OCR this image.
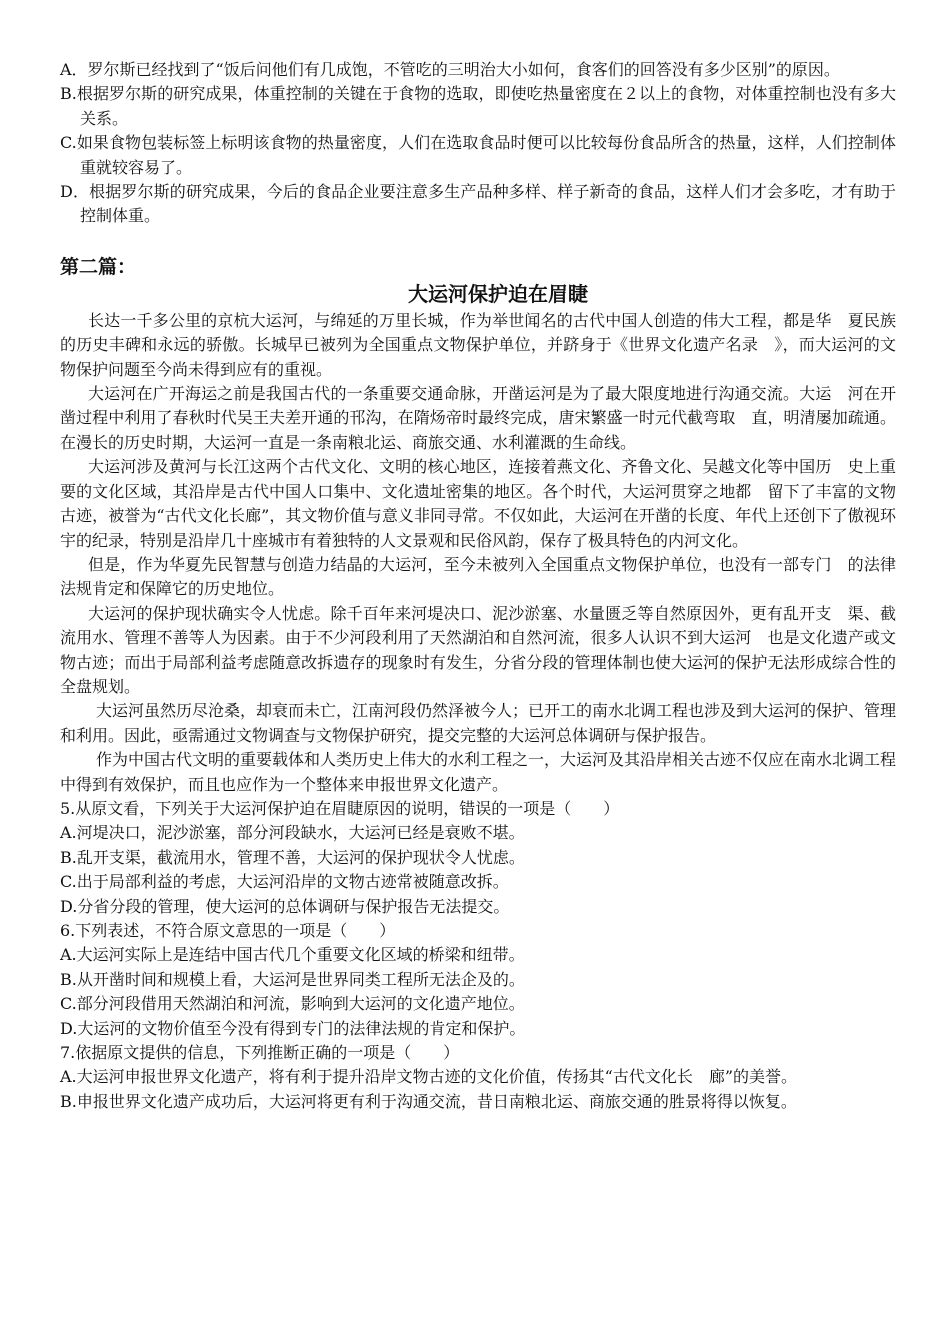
A．罗尔斯已经找到了“饭后问他们有几成饱，不管吃的三明治大小如何，食客们的回答没有多少区别”的原因。

B.根据罗尔斯的研究成果，体重控制的关键在于食物的选取，即使吃热量密度在２以上的食物，对体重控制也没有多大关系。

C.如果食物包装标签上标明该食物的热量密度，人们在选取食品时便可以比较每份食品所含的热量，这样，人们控制体重就较容易了。

D．根据罗尔斯的研究成果，今后的食品企业要注意多生产品种多样、样子新奇的食品，这样人们才会多吃，才有助于控制体重。

第二篇：
大运河保护迫在眉睫

长达一千多公里的京杭大运河，与绵延的万里长城，作为举世闻名的古代中国人创造的伟大工程，都是华　夏民族的历史丰碑和永远的骄傲。长城早已被列为全国重点文物保护单位，并跻身于《世界文化遗产名录　》，而大运河的文物保护问题至今尚未得到应有的重视。

大运河在广开海运之前是我国古代的一条重要交通命脉，开凿运河是为了最大限度地进行沟通交流。大运　河在开凿过程中利用了春秋时代吴王夫差开通的邗沟，在隋炀帝时最终完成，唐宋繁盛一时元代截弯取　直，明清屡加疏通。在漫长的历史时期，大运河一直是一条南粮北运、商旅交通、水利灌溉的生命线。

大运河涉及黄河与长江这两个古代文化、文明的核心地区，连接着燕文化、齐鲁文化、吴越文化等中国历　史上重要的文化区域，其沿岸是古代中国人口集中、文化遗址密集的地区。各个时代，大运河贯穿之地都　留下了丰富的文物古迹，被誉为“古代文化长廊”，其文物价值与意义非同寻常。不仅如此，大运河在开凿的长度、年代上还创下了傲视环宇的纪录，特别是沿岸几十座城市有着独特的人文景观和民俗风韵，保存了极具特色的内河文化。

但是，作为华夏先民智慧与创造力结晶的大运河，至今未被列入全国重点文物保护单位，也没有一部专门　的法律法规肯定和保障它的历史地位。

大运河的保护现状确实令人忧虑。除千百年来河堤决口、泥沙淤塞、水量匮乏等自然原因外，更有乱开支　渠、截流用水、管理不善等人为因素。由于不少河段利用了天然湖泊和自然河流，很多人认识不到大运河　也是文化遗产或文物古迹；而出于局部利益考虑随意改拆遗存的现象时有发生，分省分段的管理体制也使大运河的保护无法形成综合性的全盘规划。

大运河虽然历尽沧桑，却衰而未亡，江南河段仍然泽被今人；已开工的南水北调工程也涉及到大运河的保护、管理和利用。因此，亟需通过文物调查与文物保护研究，提交完整的大运河总体调研与保护报告。

作为中国古代文明的重要载体和人类历史上伟大的水利工程之一，大运河及其沿岸相关古迹不仅应在南水北调工程中得到有效保护，而且也应作为一个整体来申报世界文化遗产。

5.从原文看，下列关于大运河保护迫在眉睫原因的说明，错误的一项是（　　）

A.河堤决口，泥沙淤塞，部分河段缺水，大运河已经是衰败不堪。

B.乱开支渠，截流用水，管理不善，大运河的保护现状令人忧虑。

C.出于局部利益的考虑，大运河沿岸的文物古迹常被随意改拆。

D.分省分段的管理，使大运河的总体调研与保护报告无法提交。

6.下列表述，不符合原文意思的一项是（　　）

A.大运河实际上是连结中国古代几个重要文化区域的桥梁和纽带。

B.从开凿时间和规模上看，大运河是世界同类工程所无法企及的。

C.部分河段借用天然湖泊和河流，影响到大运河的文化遗产地位。

D.大运河的文物价值至今没有得到专门的法律法规的肯定和保护。

7.依据原文提供的信息，下列推断正确的一项是（　　）

A.大运河申报世界文化遗产，将有利于提升沿岸文物古迹的文化价值，传扬其“古代文化长　廊”的美誉。

B.申报世界文化遗产成功后，大运河将更有利于沟通交流，昔日南粮北运、商旅交通的胜景将得以恢复。
